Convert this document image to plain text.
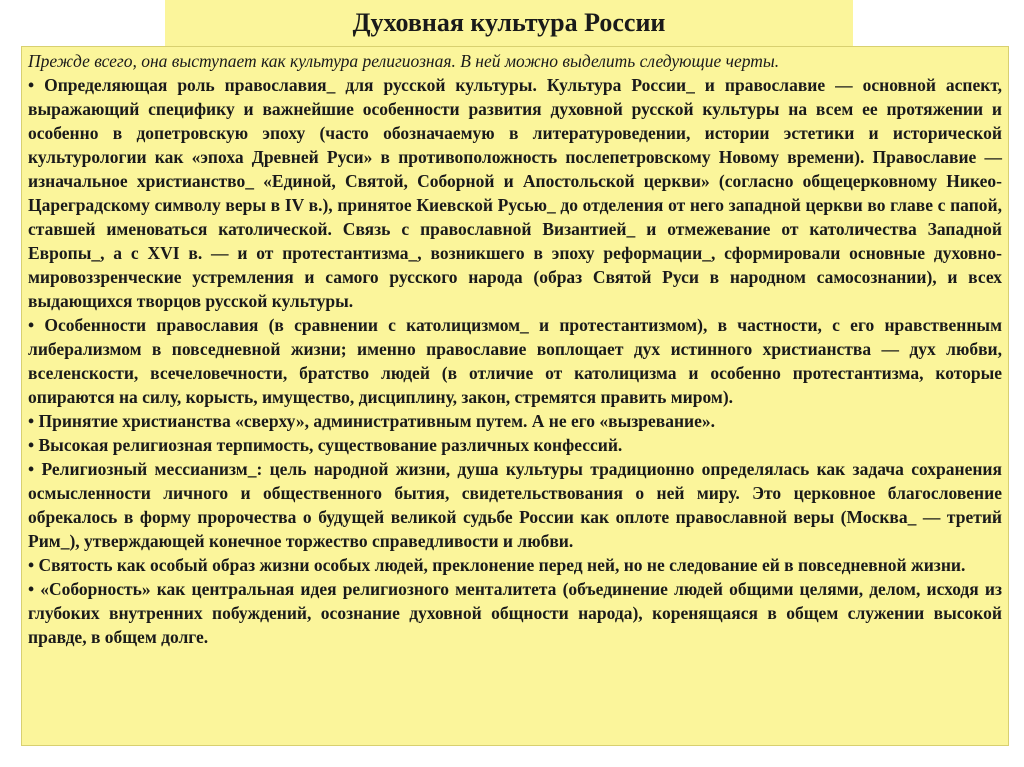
Духовная культура России

Прежде всего, она выступает как культура религиозная. В ней можно выделить следующие черты.

• Определяющая роль православия_ для русской культуры. Культура России_ и православие — основной аспект, выражающий специфику и важнейшие особенности развития духовной русской культуры на всем ее протяжении и особенно в допетровскую эпоху (часто обозначаемую в литературоведении, истории эстетики и исторической культурологии как «эпоха Древней Руси» в противоположность послепетровскому Новому времени). Православие — изначальное христианство_ «Единой, Святой, Соборной и Апостольской церкви» (согласно общецерковному Никео-Цареградскому символу веры в IV в.), принятое Киевской Русью_ до отделения от него западной церкви во главе с папой, ставшей именоваться католической. Связь с православной Византией_ и отмежевание от католичества Западной Европы_, а с XVI в. — и от протестантизма_, возникшего в эпоху реформации_, сформировали основные духовно-мировоззренческие устремления и самого русского народа (образ Святой Руси в народном самосознании), и всех выдающихся творцов русской культуры.

• Особенности православия (в сравнении с католицизмом_ и протестантизмом), в частности, с его нравственным либерализмом в повседневной жизни; именно православие воплощает дух истинного христианства — дух любви, вселенскости, всечеловечности, братство людей (в отличие от католицизма и особенно протестантизма, которые опираются на силу, корысть, имущество, дисциплину, закон, стремятся править миром).

• Принятие христианства «сверху», административным путем. А не его «вызревание».

• Высокая религиозная терпимость, существование различных конфессий.

• Религиозный мессианизм_: цель народной жизни, душа культуры традиционно определялась как задача сохранения осмысленности личного и общественного бытия, свидетельствования о ней миру. Это церковное благословение обрекалось в форму пророчества о будущей великой судьбе России как оплоте православной веры (Москва_ — третий Рим_), утверждающей конечное торжество справедливости и любви.

• Святость как особый образ жизни особых людей, преклонение перед ней, но не следование ей в повседневной жизни.

• «Соборность» как центральная идея религиозного менталитета (объединение людей общими целями, делом, исходя из глубоких внутренних побуждений, осознание духовной общности народа), коренящаяся в общем служении высокой правде, в общем долге.
